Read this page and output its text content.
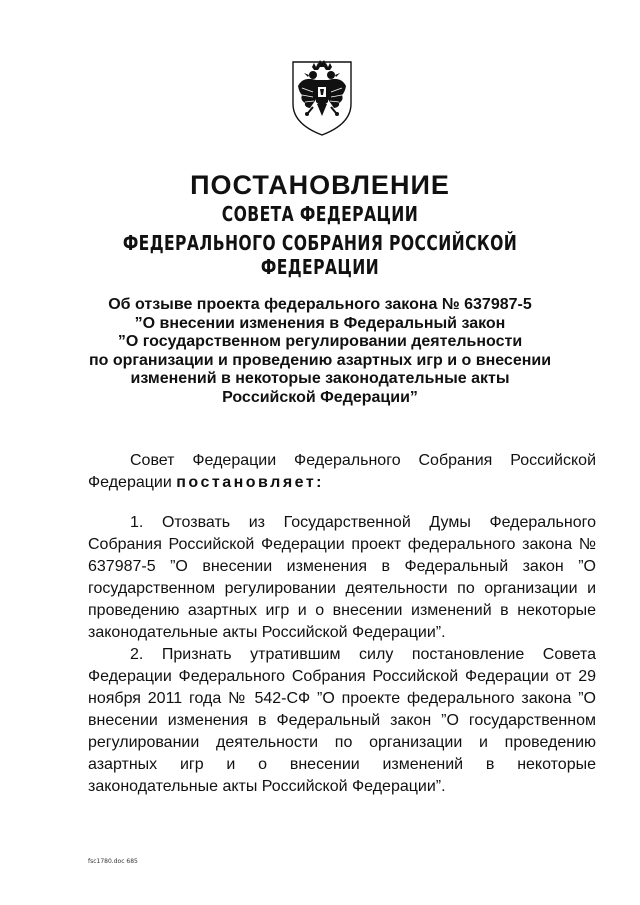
ПОСТАНОВЛЕНИЕ
СОВЕТА ФЕДЕРАЦИИ
ФЕДЕРАЛЬНОГО СОБРАНИЯ РОССИЙСКОЙ ФЕДЕРАЦИИ
Об отзыве проекта федерального закона № 637987-5
”О внесении изменения в Федеральный закон
”О государственном регулировании деятельности
по организации и проведению азартных игр и о внесении
изменений в некоторые законодательные акты
Российской Федерации”

Совет Федерации Федерального Собрания Российской Федерации постановляет:

1. Отозвать из Государственной Думы Федерального Собрания Российской Федерации проект федерального закона № 637987-5 ”О внесении изменения в Федеральный закон ”О государственном регулировании деятельности по организации и проведению азартных игр и о внесении изменений в некоторые законодательные акты Российской Федерации”.

2. Признать утратившим силу постановление Совета Федерации Федерального Собрания Российской Федерации от 29 ноября 2011 года № 542-СФ ”О проекте федерального закона ”О внесении изменения в Федеральный закон ”О государственном регулировании деятельности по организации и проведению азартных игр и о внесении изменений в некоторые законодательные акты Российской Федерации”.

fsc1780.doc 685
